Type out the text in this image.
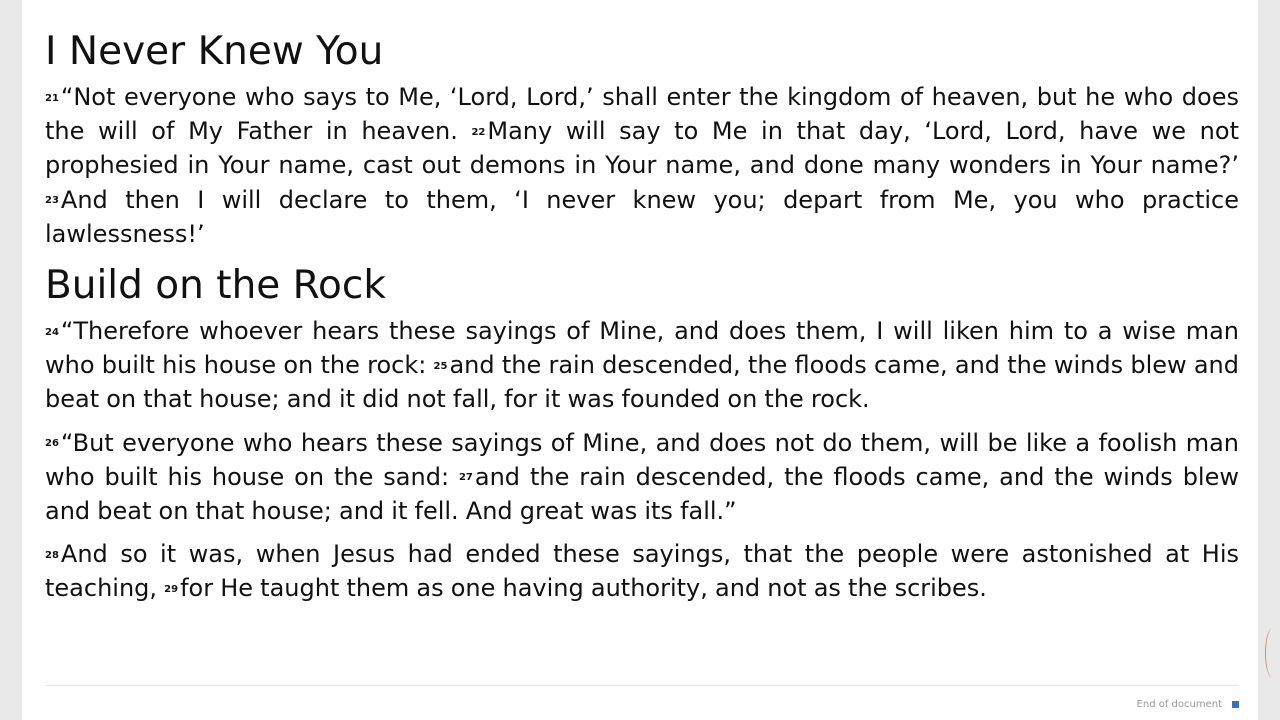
I Never Knew You

$^{21}$“Not everyone who says to Me, ‘Lord, Lord,’ shall enter the kingdom of heaven, but he who does the will of My Father in heaven. $^{22}$Many will say to Me in that day, ‘Lord, Lord, have we not prophesied in Your name, cast out demons in Your name, and done many wonders in Your name?’ $^{23}$And then I will declare to them, ‘I never knew you; depart from Me, you who practice lawlessness!’

Build on the Rock

$^{24}$“Therefore whoever hears these sayings of Mine, and does them, I will liken him to a wise man who built his house on the rock: $^{25}$and the rain descended, the floods came, and the winds blew and beat on that house; and it did not fall, for it was founded on the rock.

$^{26}$“But everyone who hears these sayings of Mine, and does not do them, will be like a foolish man who built his house on the sand: $^{27}$and the rain descended, the floods came, and the winds blew and beat on that house; and it fell. And great was its fall.”

$^{28}$And so it was, when Jesus had ended these sayings, that the people were astonished at His teaching, $^{29}$for He taught them as one having authority, and not as the scribes.

End of document
